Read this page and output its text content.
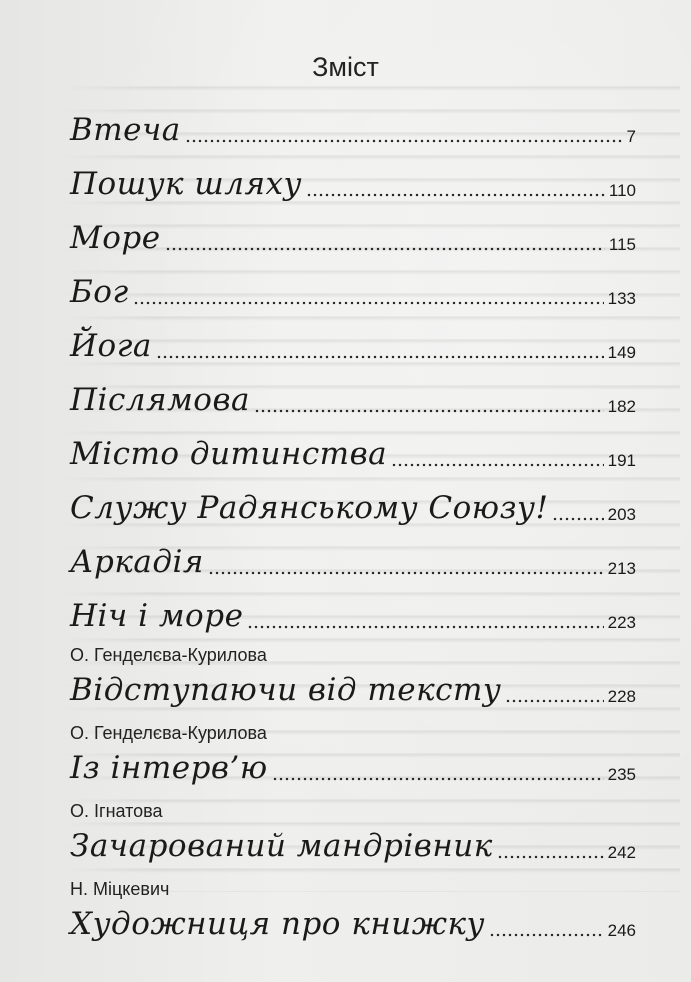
Зміст
Втеча	7
Пошук шляху	110
Море	115
Бог	133
Йога	149
Післямова	182
Місто дитинства	191
Служу Радянському Союзу!	203
Аркадія	213
Ніч і море	223
О. Генделєва-Курилова
Відступаючи від тексту	228
О. Генделєва-Курилова
Із інтерв’ю	235
О. Ігнатова
Зачарований мандрівник	242
Н. Міцкевич
Художниця про книжку	246
